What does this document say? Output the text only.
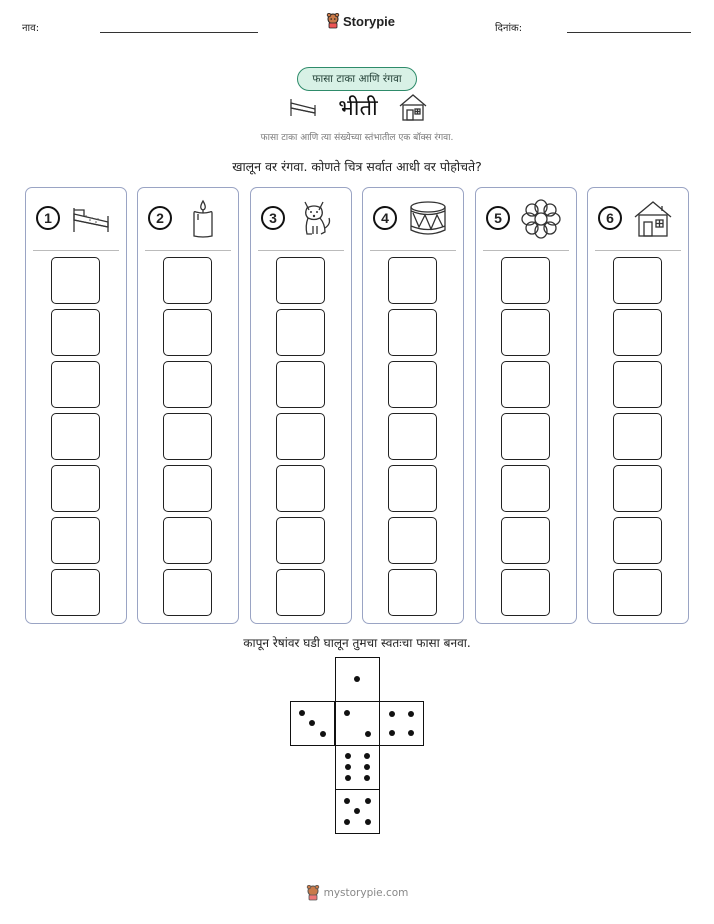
नाव:	Storypie	दिनांक:
फासा टाका आणि रंगवा
भीती
फासा टाका आणि त्या संख्येच्या स्तंभातील एक बॉक्स रंगवा.
खालून वर रंगवा. कोणते चित्र सर्वात आधी वर पोहोचते?
1	2	3	4	5	6
कापून रेषांवर घडी घालून तुमचा स्वतःचा फासा बनवा.
mystorypie.com
